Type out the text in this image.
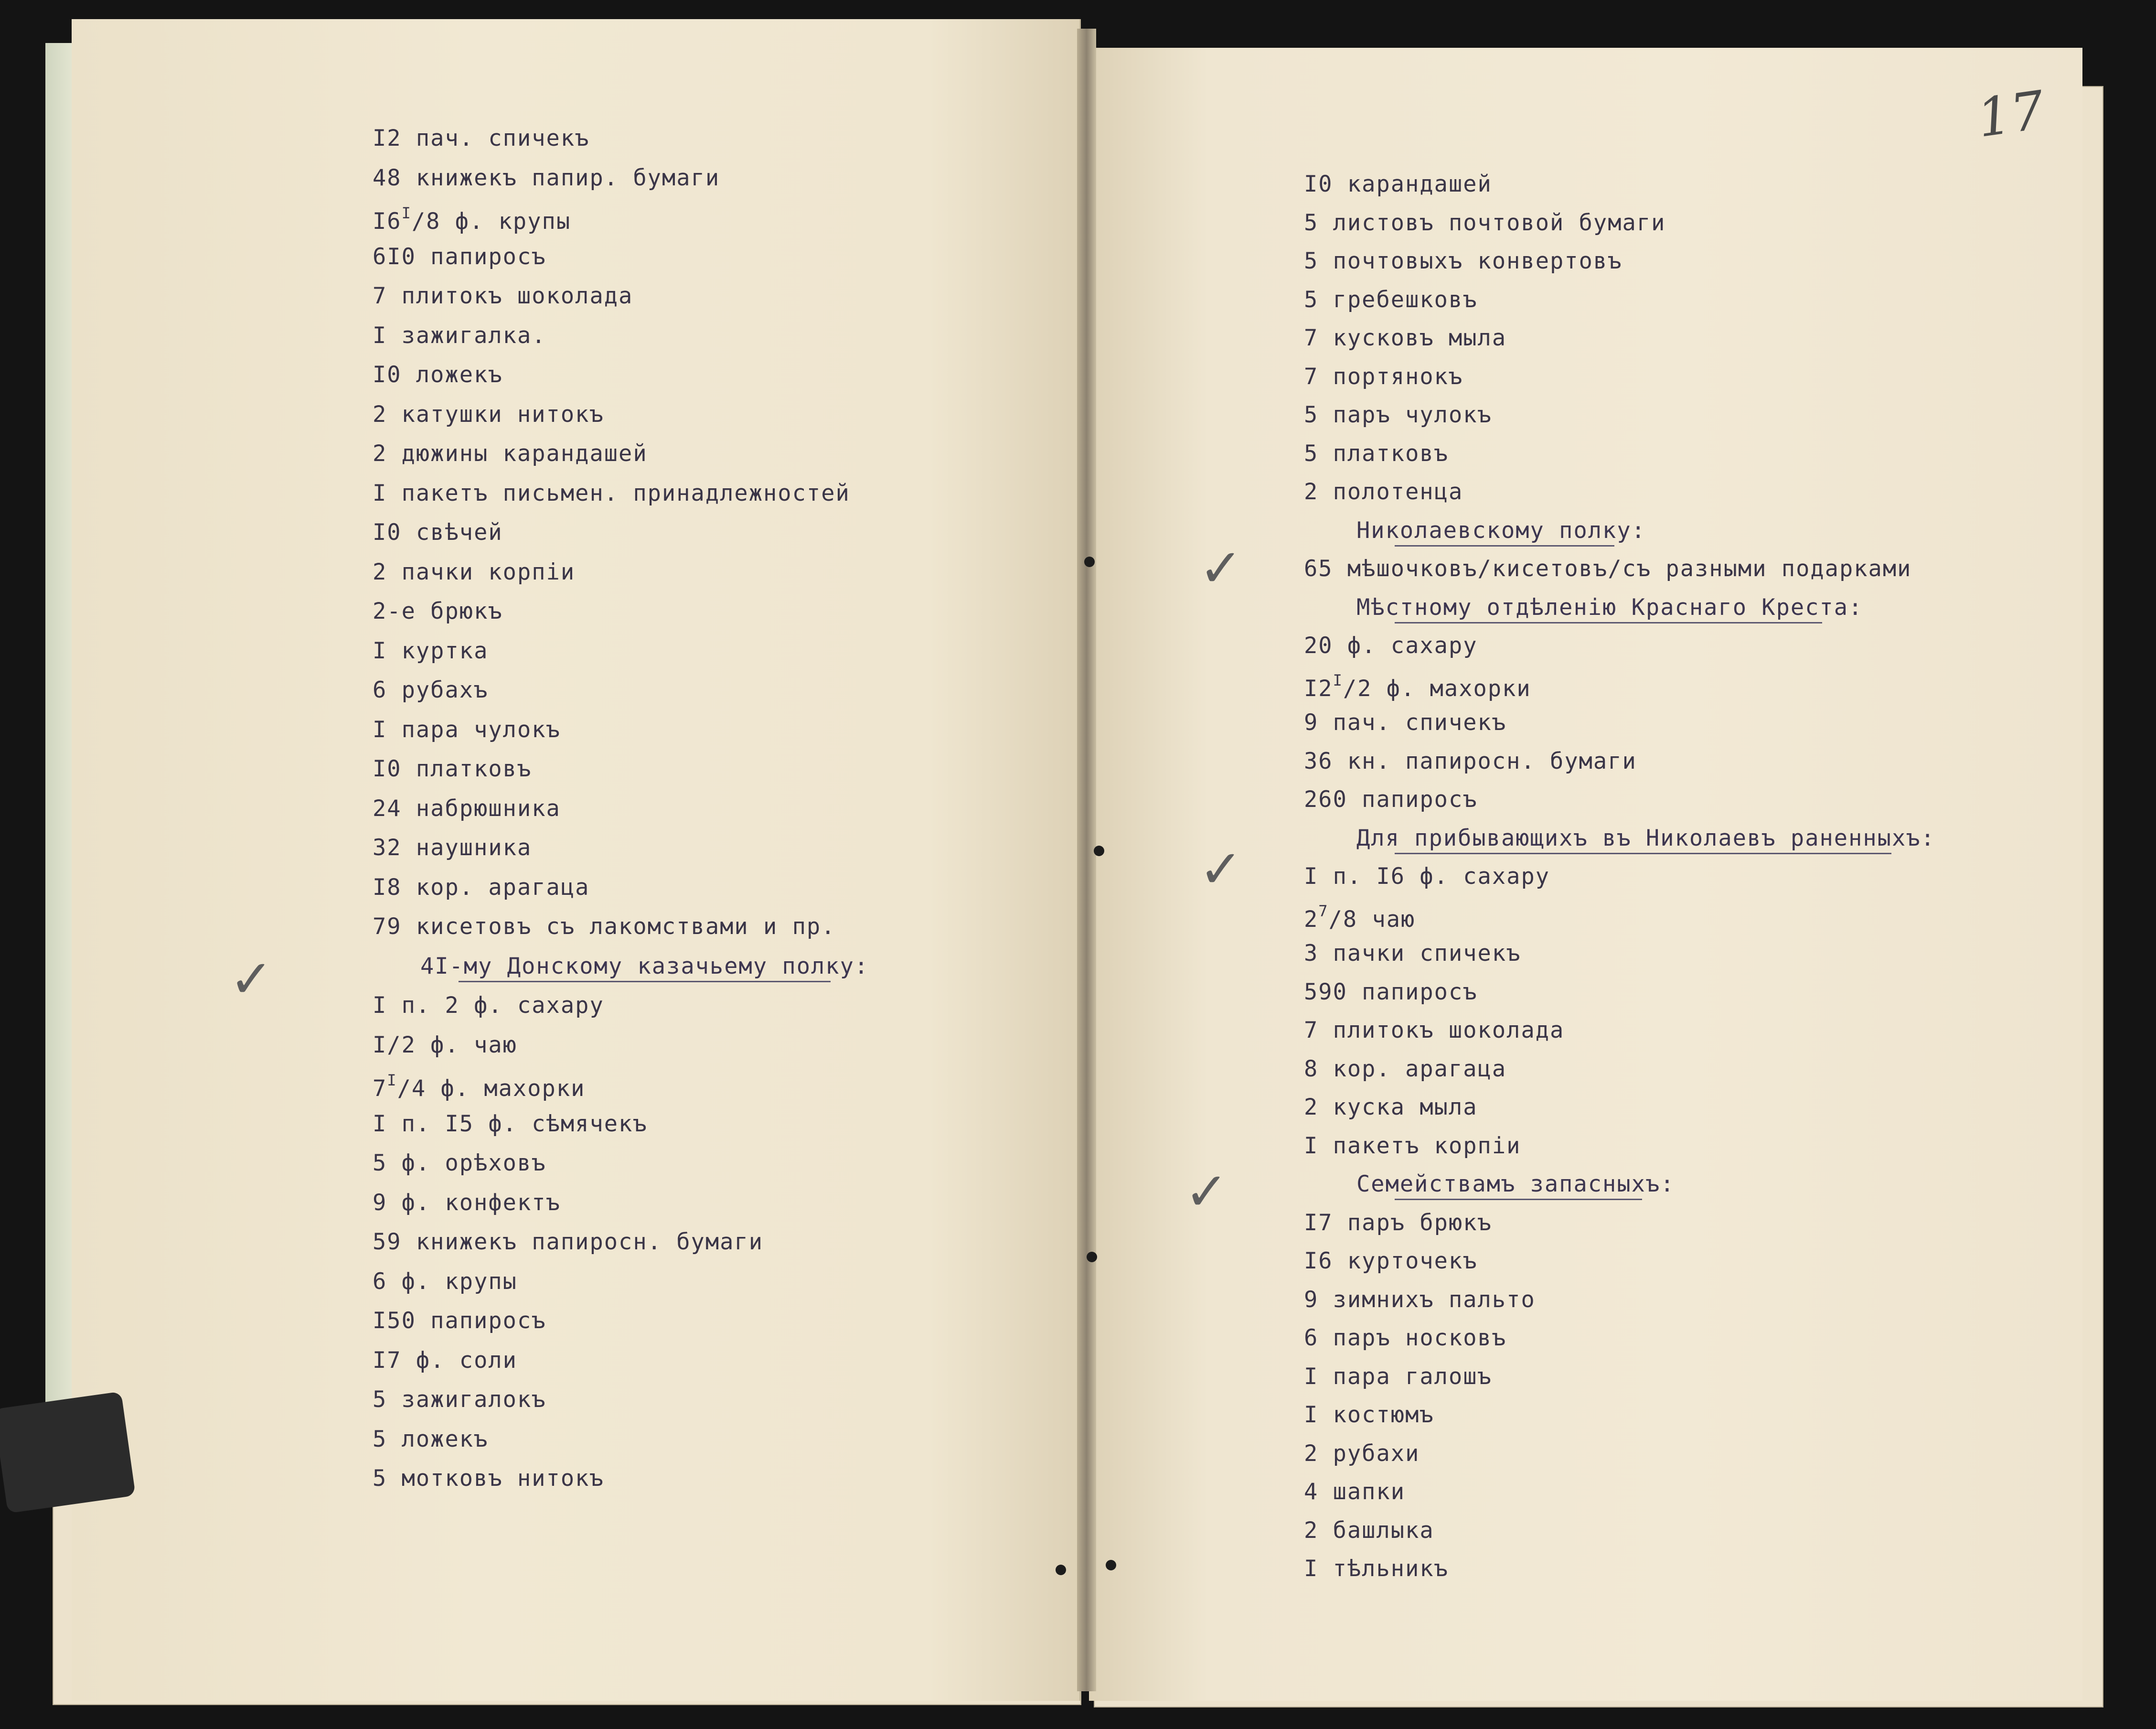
17
✓
✓
✓
✓
I2 пач. спичекъ
48 книжекъ папир. бумаги
$I6^I/8$ ф. крупы
6I0 папиросъ
7 плитокъ шоколада
I зажигалка.
I0 ложекъ
2 катушки нитокъ
2 дюжины карандашей
I пакетъ письмен. принадлежностей
I0 свѣчей
2 пачки корпiи
2-е брюкъ
I куртка
6 рубахъ
I пара чулокъ
I0 платковъ
24 набрюшника
32 наушника
I8 кор. арагаца
79 кисетовъ съ лакомствами и пр.
4I-му Донскому казачьему полку:
I п. 2 ф. сахару
I/2 ф. чаю
$7^I/4$ ф. махорки
I п. I5 ф. сѣмячекъ
5 ф. орѣховъ
9 ф. конфектъ
59 книжекъ папиросн. бумаги
6 ф. крупы
I50 папиросъ
I7 ф. соли
5 зажигалокъ
5 ложекъ
5 мотковъ нитокъ
I0 карандашей
5 листовъ почтовой бумаги
5 почтовыхъ конвертовъ
5 гребешковъ
7 кусковъ мыла
7 портянокъ
5 паръ чулокъ
5 платковъ
2 полотенца
Николаевскому полку:
65 мѣшочковъ/кисетовъ/съ разными подарками
Мѣстному отдѣленiю Краснаго Креста:
20 ф. сахару
$I2^I/2$ ф. махорки
9 пач. спичекъ
36 кн. папиросн. бумаги
260 папиросъ
Для прибывающихъ въ Николаевъ раненныхъ:
I п. I6 ф. сахару
$2^7/8$ чаю
3 пачки спичекъ
590 папиросъ
7 плитокъ шоколада
8 кор. арагаца
2 куска мыла
I пакетъ корпiи
Семействамъ запасныхъ:
I7 паръ брюкъ
I6 курточекъ
9 зимнихъ пальто
6 паръ носковъ
I пара галошъ
I костюмъ
2 рубахи
4 шапки
2 башлыка
I тѣльникъ
